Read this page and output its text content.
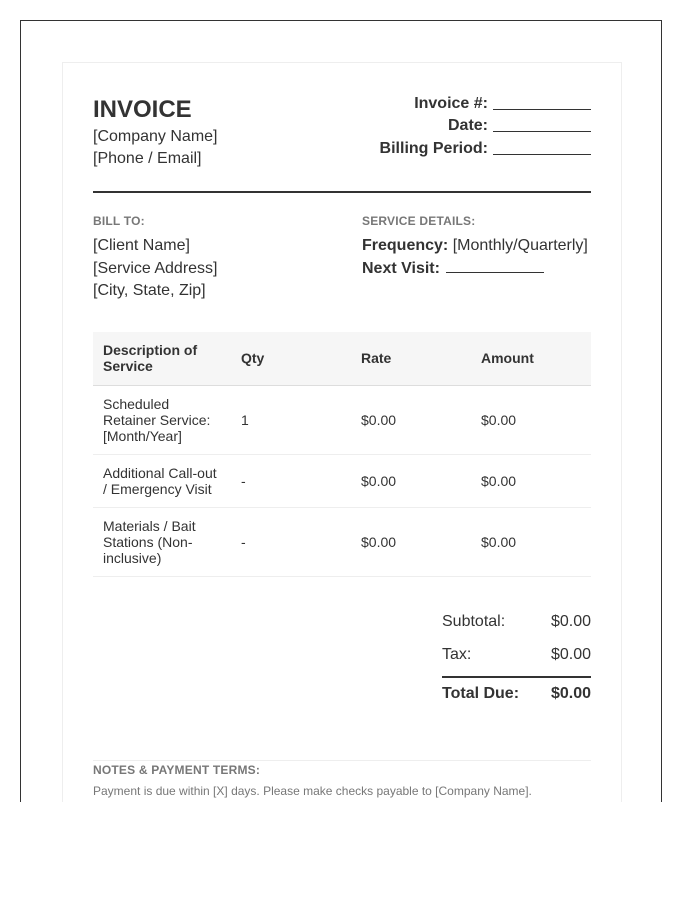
INVOICE
[Company Name]
[Phone / Email]
Invoice #:
Date:
Billing Period:
BILL TO:
[Client Name]
[Service Address]
[City, State, Zip]
SERVICE DETAILS:
Frequency: [Monthly/Quarterly]
Next Visit:
Description of Service	Qty	Rate	Amount
Scheduled Retainer Service: [Month/Year]	1	$0.00	$0.00
Additional Call-out / Emergency Visit	-	$0.00	$0.00
Materials / Bait Stations (Non-inclusive)	-	$0.00	$0.00
Subtotal:	$0.00
Tax:	$0.00
Total Due: $0.00
NOTES & PAYMENT TERMS:
Payment is due within [X] days. Please make checks payable to [Company Name].
